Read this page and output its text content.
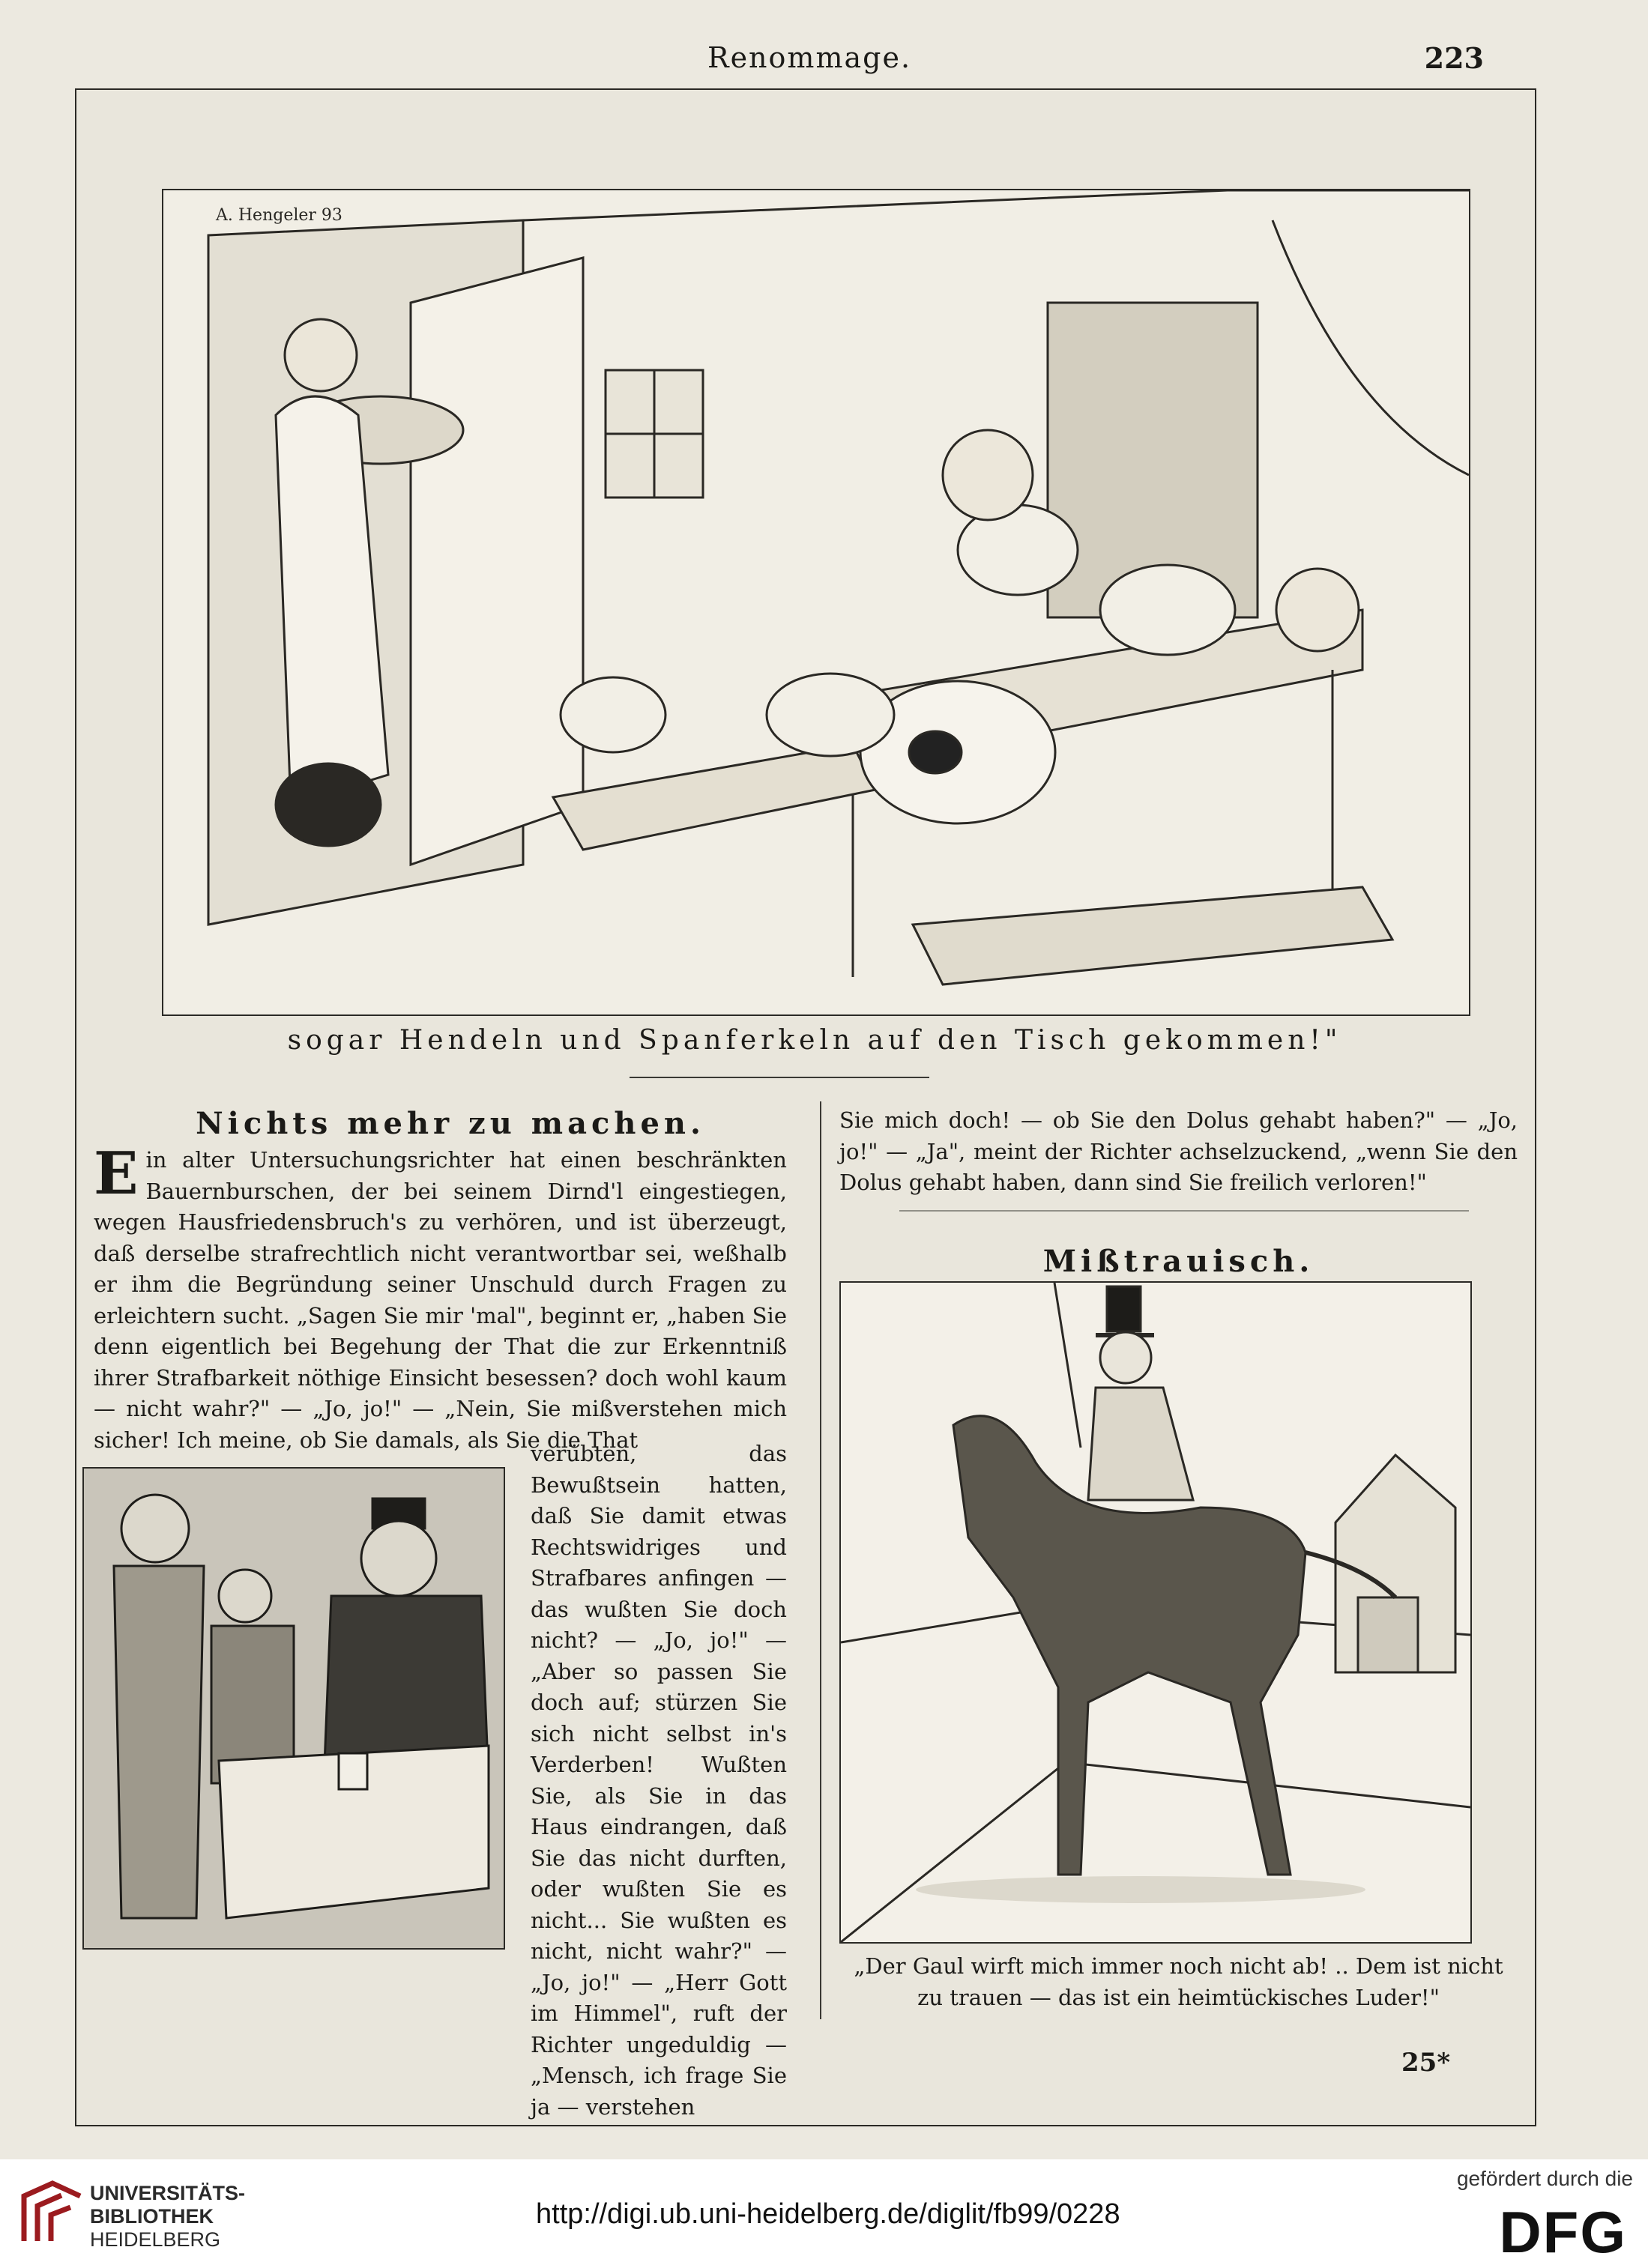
Renommage.	223
A. Hengeler 93
sogar Hendeln und Spanferkeln auf den Tisch gekommen!"
Nichts mehr zu machen.
E in alter Untersuchungsrichter hat einen beschränkten Bauernburschen, der bei seinem Dirnd'l eingestiegen, wegen Hausfriedensbruch's zu verhören, und ist überzeugt, daß derselbe strafrechtlich nicht verantwortbar sei, weßhalb er ihm die Begründung seiner Unschuld durch Fragen zu erleichtern sucht. „Sagen Sie mir 'mal", beginnt er, „haben Sie denn eigentlich bei Begehung der That die zur Erkenntniß ihrer Strafbarkeit nöthige Einsicht besessen? doch wohl kaum — nicht wahr?" — „Jo, jo!" — „Nein, Sie mißverstehen mich sicher! Ich meine, ob Sie damals, als Sie die That
verübten, das Bewußtsein hatten, daß Sie damit etwas Rechtswidriges und Strafbares anfingen — das wußten Sie doch nicht? — „Jo, jo!" — „Aber so passen Sie doch auf; stürzen Sie sich nicht selbst in's Verderben! Wußten Sie, als Sie in das Haus eindrangen, daß Sie das nicht durften, oder wußten Sie es nicht... Sie wußten es nicht, nicht wahr?" — „Jo, jo!" — „Herr Gott im Himmel", ruft der Richter ungeduldig — „Mensch, ich frage Sie ja — verstehen
Sie mich doch! — ob Sie den Dolus gehabt haben?" — „Jo, jo!" — „Ja", meint der Richter achselzuckend, „wenn Sie den Dolus gehabt haben, dann sind Sie freilich verloren!"
Mißtrauisch.
„Der Gaul wirft mich immer noch nicht ab! .. Dem ist nicht zu trauen — das ist ein heimtückisches Luder!"
25*
UNIVERSITÄTS-
BIBLIOTHEK
HEIDELBERG
http://digi.ub.uni-heidelberg.de/diglit/fb99/0228
gefördert durch die
DFG
